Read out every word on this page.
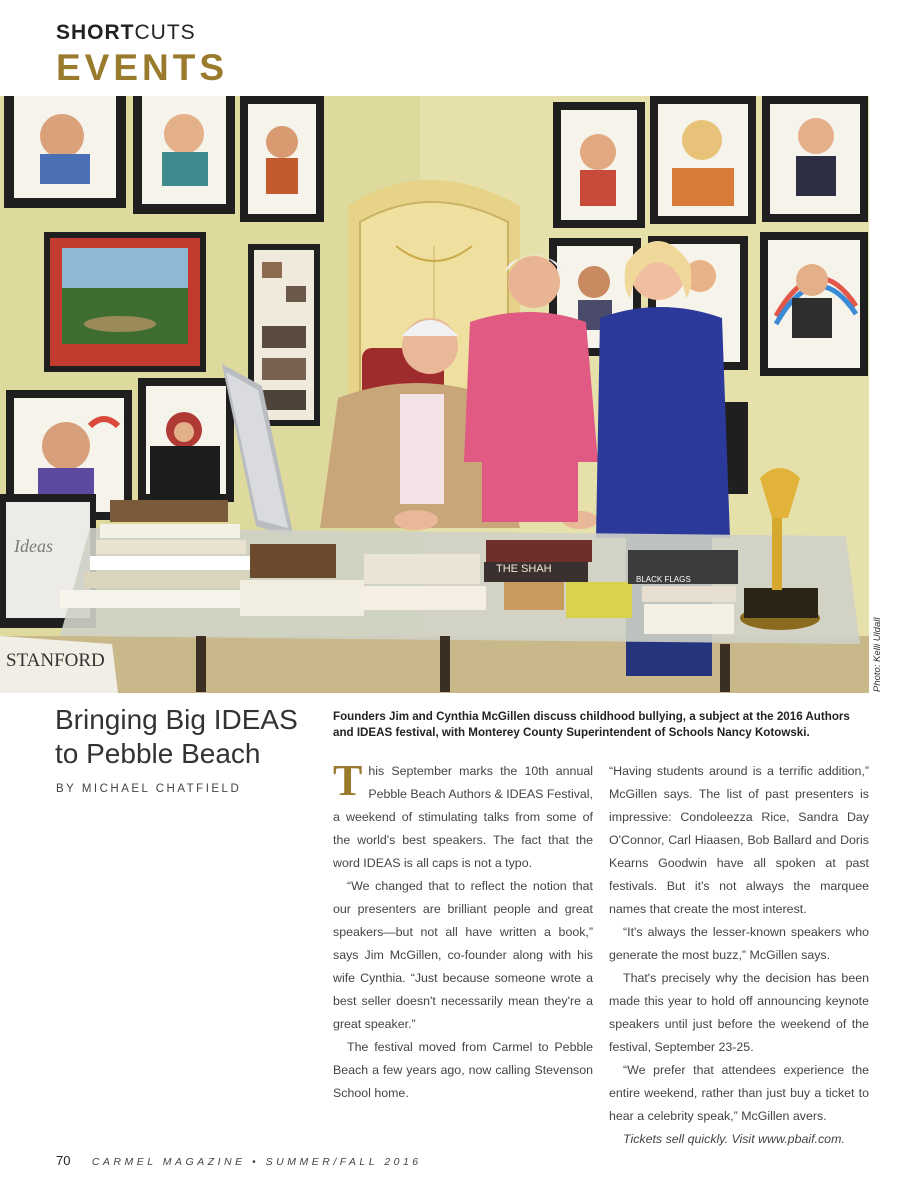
SHORTCUTS
EVENTS
THE SHAH
BLACK FLAGS
Ideas
STANFORD	Photo: Kelli Uldall
Bringing Big IDEAS
to Pebble Beach
BY MICHAEL CHATFIELD
Founders Jim and Cynthia McGillen discuss childhood bullying, a subject at the 2016 Authors and IDEAS festival, with Monterey County Superintendent of Schools Nancy Kotowski.

This September marks the 10th annual Pebble Beach Authors & IDEAS Festival, a weekend of stimulating talks from some of the world's best speakers. The fact that the word IDEAS is all caps is not a typo.

“We changed that to reflect the notion that our presenters are brilliant people and great speakers—but not all have written a book,” says Jim McGillen, co-founder along with his wife Cynthia. “Just because someone wrote a best seller doesn't necessarily mean they're a great speaker.”

The festival moved from Carmel to Pebble Beach a few years ago, now calling Stevenson School home.

“Having students around is a terrific addition,” McGillen says. The list of past presenters is impressive: Condoleezza Rice, Sandra Day O'Connor, Carl Hiaasen, Bob Ballard and Doris Kearns Goodwin have all spoken at past festivals. But it's not always the marquee names that create the most interest.

“It's always the lesser-known speakers who generate the most buzz,” McGillen says.

That's precisely why the decision has been made this year to hold off announcing keynote speakers until just before the weekend of the festival, September 23-25.

“We prefer that attendees experience the entire weekend, rather than just buy a ticket to hear a celebrity speak,” McGillen avers.

Tickets sell quickly. Visit www.pbaif.com.

70 CARMEL MAGAZINE • SUMMER/FALL 2016
